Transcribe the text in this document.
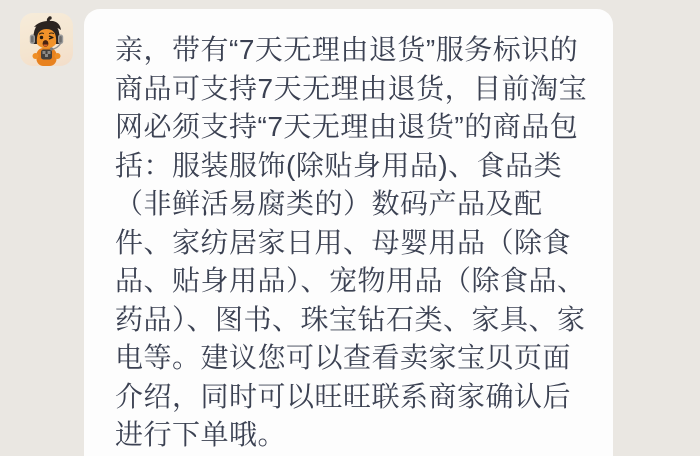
亲，带有“7天无理由退货”服务标识的商品可支持7天无理由退货，目前淘宝网必须支持“7天无理由退货”的商品包括：服装服饰(除贴身用品)、食品类（非鲜活易腐类的）数码产品及配件、家纺居家日用、母婴用品（除食品、贴身用品）、宠物用品（除食品、药品）、图书、珠宝钻石类、家具、家电等。建议您可以查看卖家宝贝页面介绍，同时可以旺旺联系商家确认后进行下单哦。
